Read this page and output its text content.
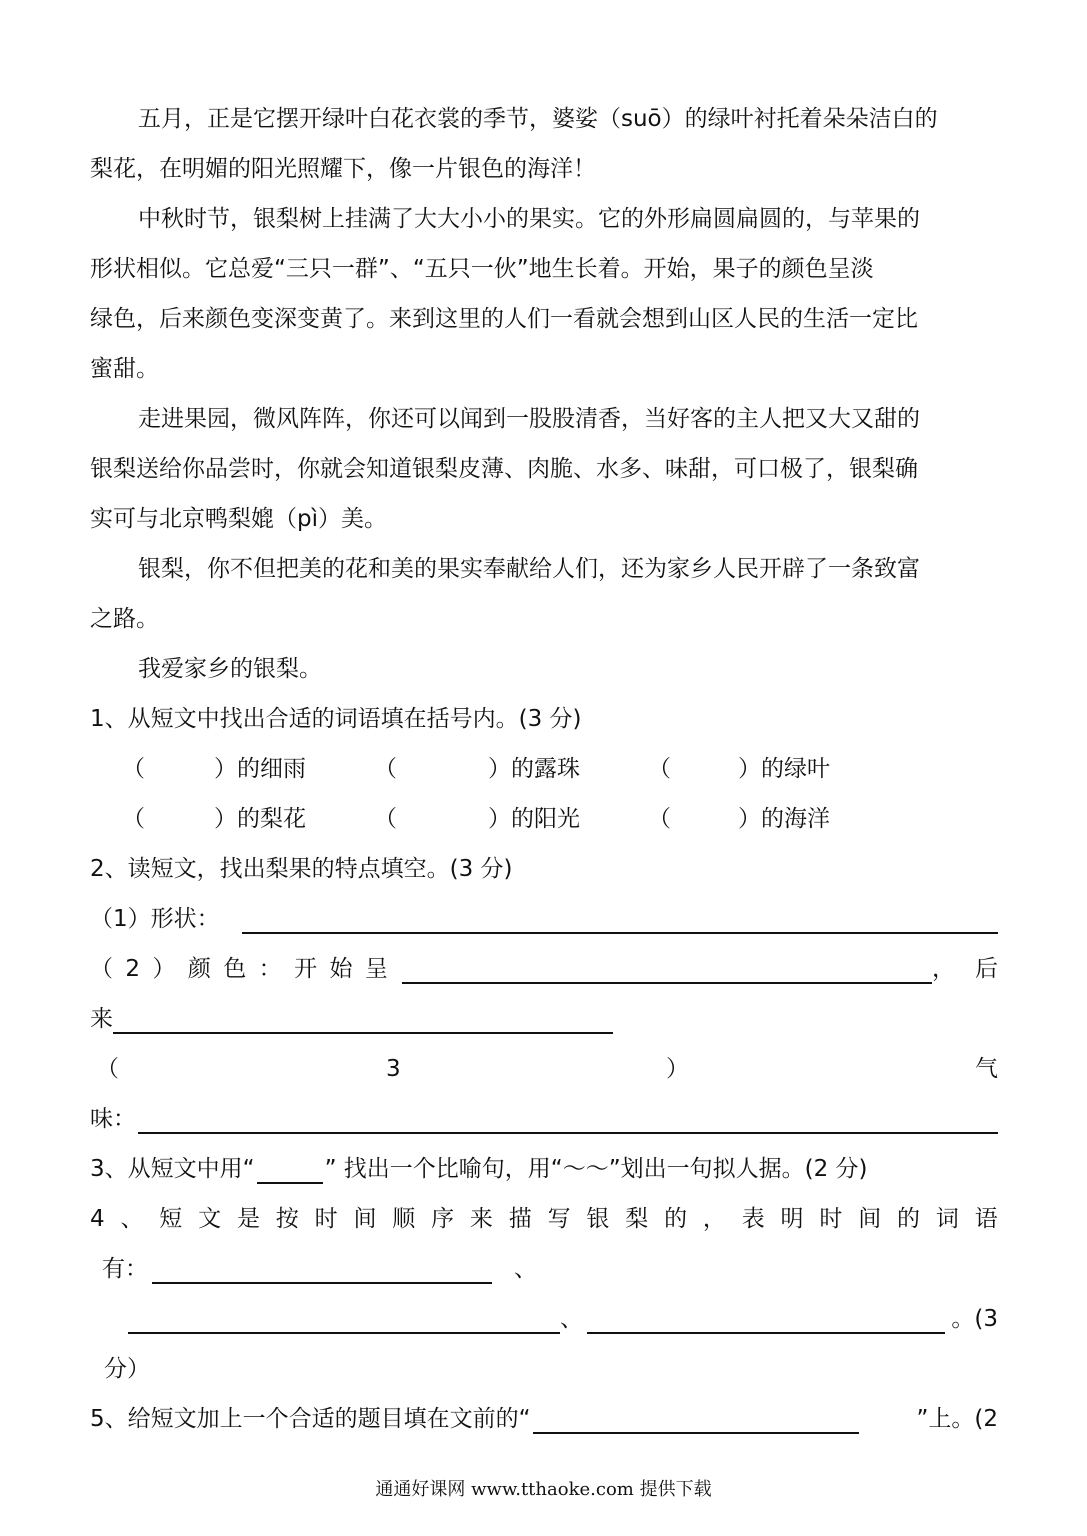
五月，正是它摆开绿叶白花衣裳的季节，婆娑（suō）的绿叶衬托着朵朵洁白的
梨花，在明媚的阳光照耀下，像一片银色的海洋！
中秋时节，银梨树上挂满了大大小小的果实。它的外形扁圆扁圆的，与苹果的
形状相似。它总爱“三只一群”、“五只一伙”地生长着。开始，果子的颜色呈淡
绿色，后来颜色变深变黄了。来到这里的人们一看就会想到山区人民的生活一定比
蜜甜。
走进果园，微风阵阵，你还可以闻到一股股清香，当好客的主人把又大又甜的
银梨送给你品尝时，你就会知道银梨皮薄、肉脆、水多、味甜，可口极了，银梨确
实可与北京鸭梨媲（pì）美。
银梨，你不但把美的花和美的果实奉献给人们，还为家乡人民开辟了一条致富
之路。
我爱家乡的银梨。
1、从短文中找出合适的词语填在括号内。(3 分)
（	）的细雨	（	）的露珠	（	）的绿叶
（	）的梨花	（	）的阳光	（	）的海洋
2、读短文，找出梨果的特点填空。(3 分)
（1）形状：
（ 2 ） 颜 色 ： 开 始 呈	， 后
来
（	3	）	气
味：
3、从短文中用“	” 找出一个比喻句，用“～～”划出一句拟人据。(2 分)
4 、 短 文 是 按 时 间 顺 序 来 描 写 银 梨 的 ， 表 明 时 间 的 词 语
有：	、
、	。(3
分）
5、给短文加上一个合适的题目填在文前的“	”上。(2
通通好课网 www.tthaoke.com 提供下载
